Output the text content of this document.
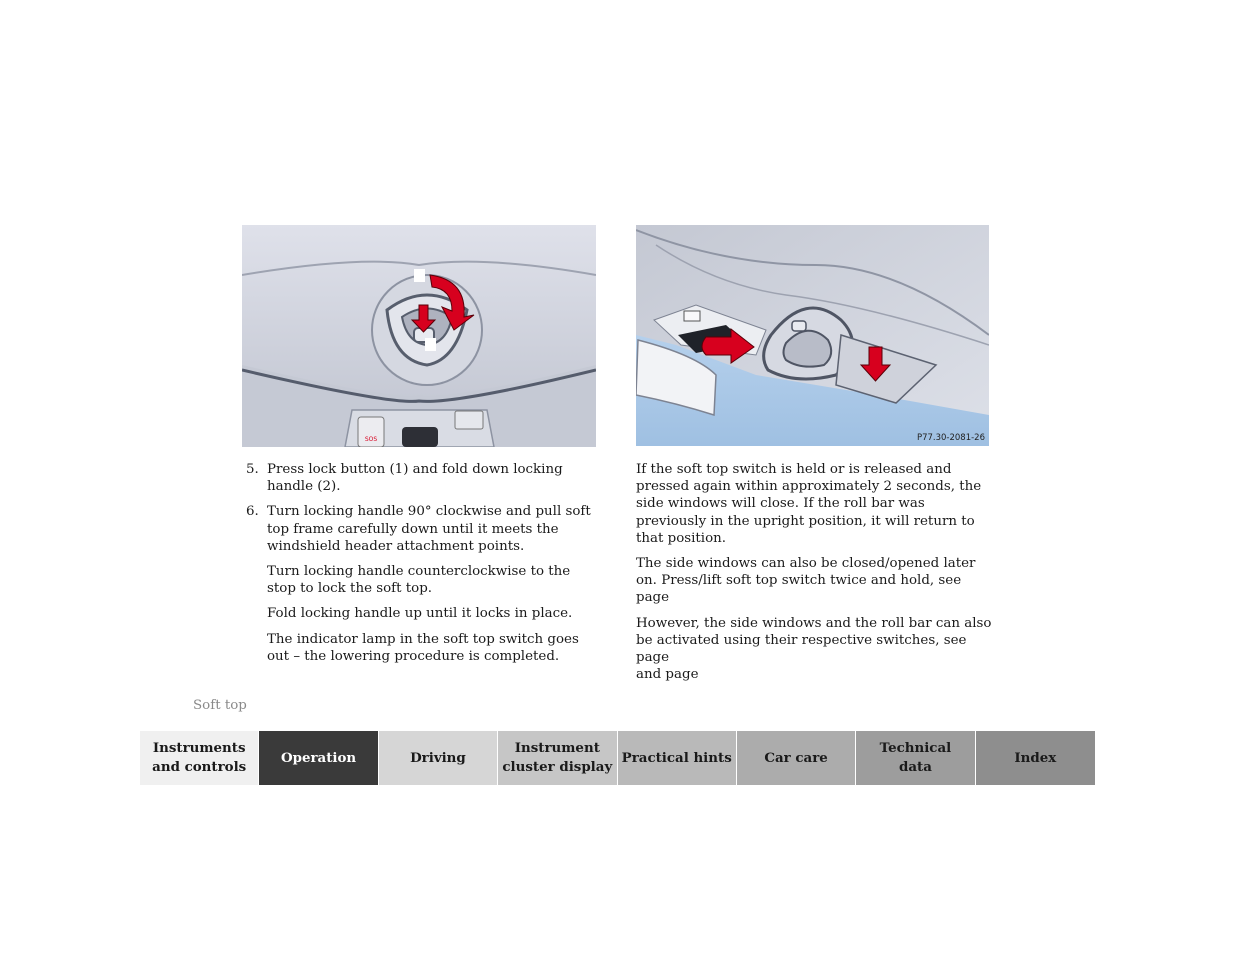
SOS	P77.30-2081-26
5. Press lock button (1) and fold down locking handle (2).
6. Turn locking handle 90° clockwise and pull soft top frame carefully down until it meets the windshield header attachment points.

Turn locking handle counterclockwise to the stop to lock the soft top.

Fold locking handle up until it locks in place.

The indicator lamp in the soft top switch goes out – the lowering procedure is completed.

If the soft top switch is held or is released and pressed again within approximately 2 seconds, the side windows will close. If the roll bar was previously in the upright position, it will return to that position.

The side windows can also be closed/opened later on. Press/lift soft top switch twice and hold, see page

However, the side windows and the roll bar can also be activated using their respective switches, see page
and page

Soft top
Instruments
and controls
Operation	Driving
Instrument
cluster display
Practical hints	Car care
Technical
data
Index
